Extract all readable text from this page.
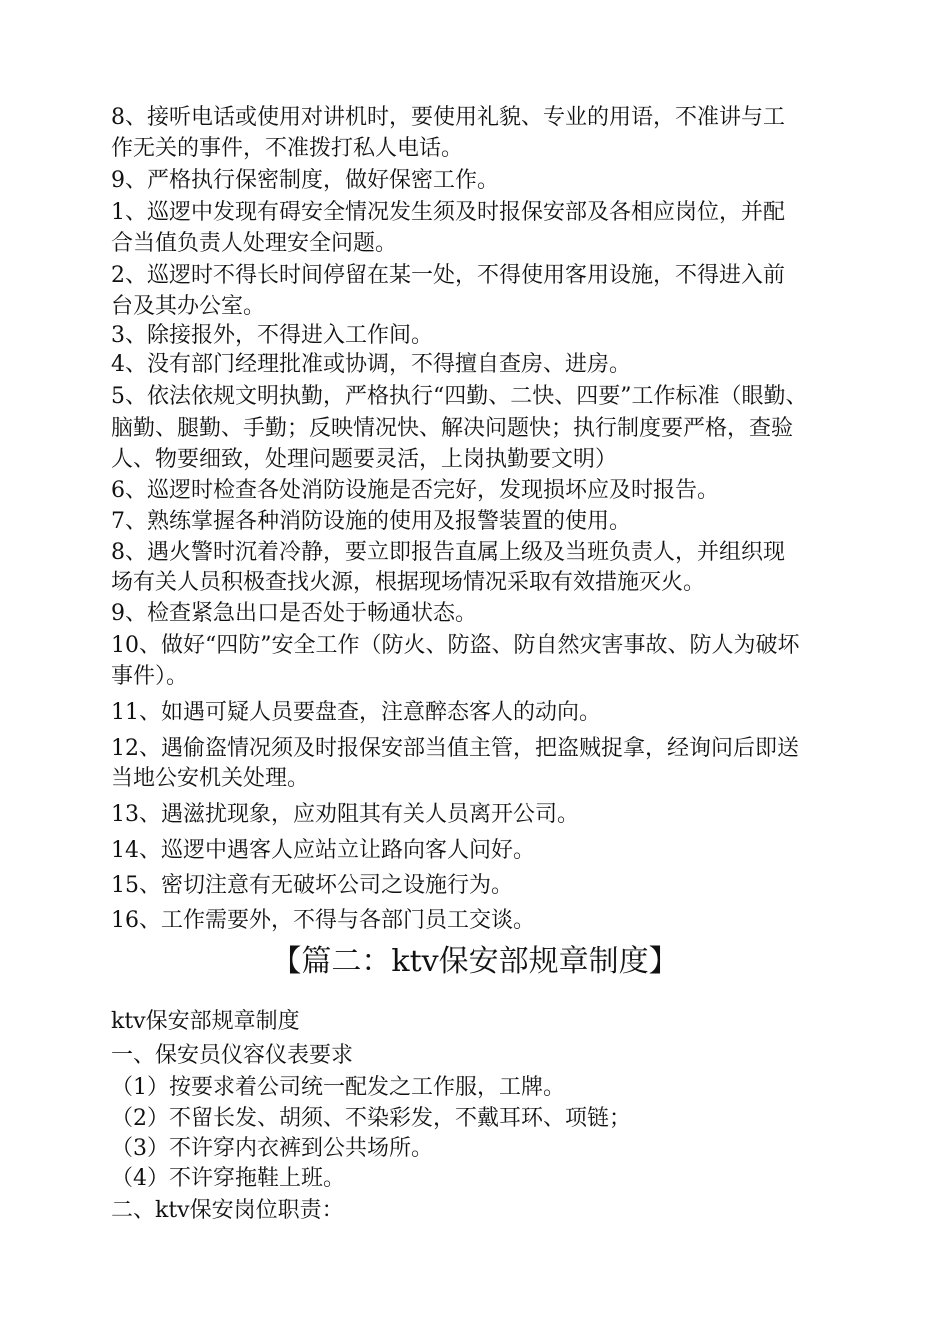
8、接听电话或使用对讲机时，要使用礼貌、专业的用语，不准讲与工
作无关的事件，不准拨打私人电话。
9、严格执行保密制度，做好保密工作。
1、巡逻中发现有碍安全情况发生须及时报保安部及各相应岗位，并配
合当值负责人处理安全问题。
2、巡逻时不得长时间停留在某一处，不得使用客用设施，不得进入前
台及其办公室。
3、除接报外，不得进入工作间。
4、没有部门经理批准或协调，不得擅自查房、进房。
5、依法依规文明执勤，严格执行“四勤、二快、四要”工作标准（眼勤、
脑勤、腿勤、手勤；反映情况快、解决问题快；执行制度要严格，查验
人、物要细致，处理问题要灵活，上岗执勤要文明）
6、巡逻时检查各处消防设施是否完好，发现损坏应及时报告。
7、熟练掌握各种消防设施的使用及报警装置的使用。
8、遇火警时沉着冷静，要立即报告直属上级及当班负责人，并组织现
场有关人员积极查找火源，根据现场情况采取有效措施灭火。
9、检查紧急出口是否处于畅通状态。
10、做好“四防”安全工作（防火、防盗、防自然灾害事故、防人为破坏
事件）。
11、如遇可疑人员要盘查，注意醉态客人的动向。
12、遇偷盗情况须及时报保安部当值主管，把盗贼捉拿，经询问后即送
当地公安机关处理。
13、遇滋扰现象，应劝阻其有关人员离开公司。
14、巡逻中遇客人应站立让路向客人问好。
15、密切注意有无破坏公司之设施行为。
16、工作需要外，不得与各部门员工交谈。
【篇二：ktv保安部规章制度】
ktv保安部规章制度
一、保安员仪容仪表要求
（1）按要求着公司统一配发之工作服，工牌。
（2）不留长发、胡须、不染彩发，不戴耳环、项链；
（3）不许穿内衣裤到公共场所。
（4）不许穿拖鞋上班。
二、ktv保安岗位职责：
